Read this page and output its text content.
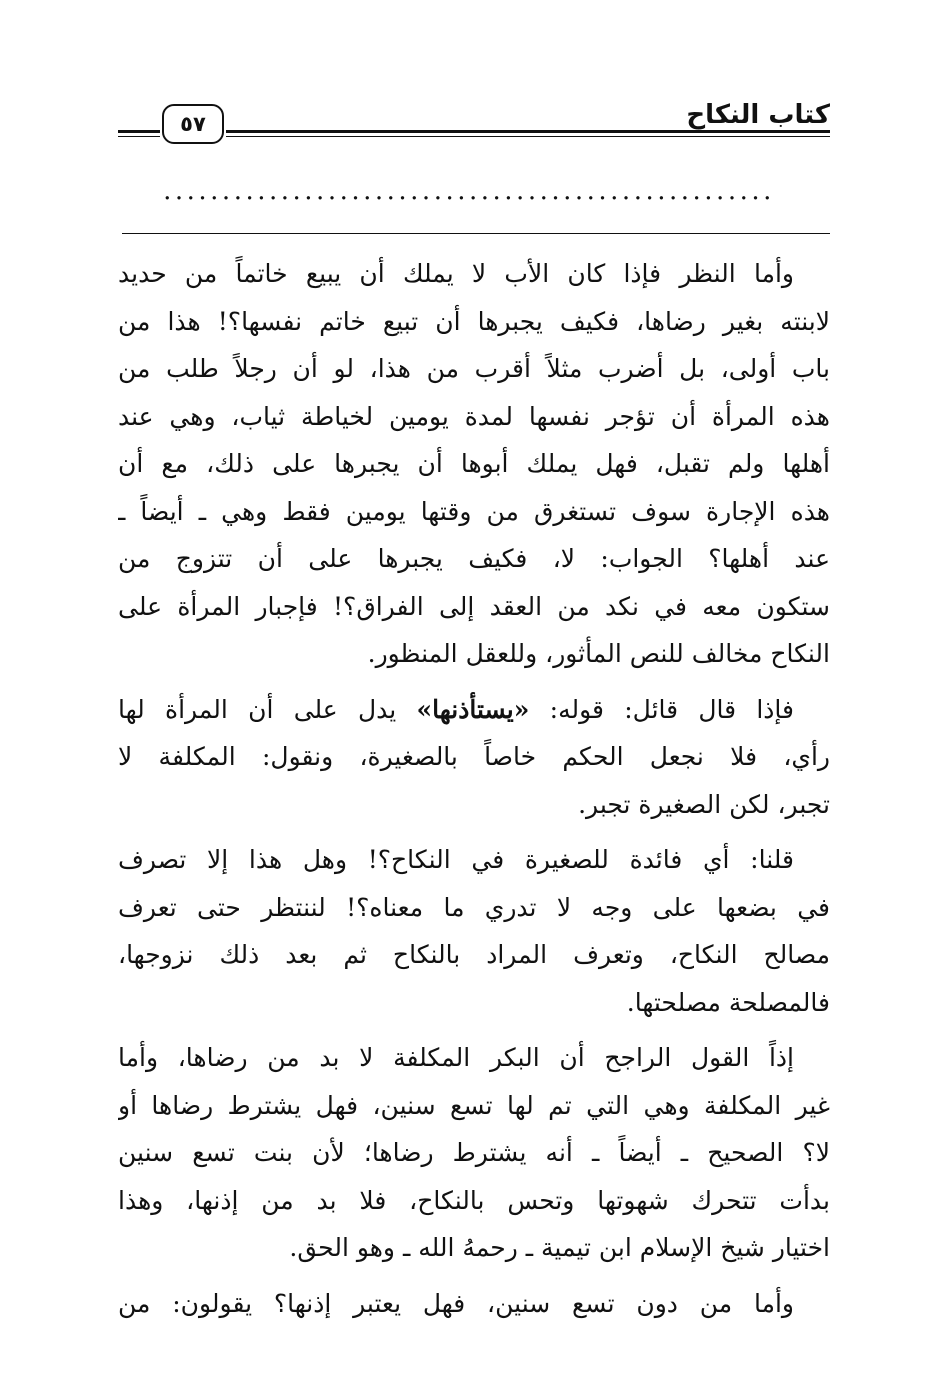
كتاب النكاح
٥٧
....................................................
وأما النظر فإذا كان الأب لا يملك أن يبيع خاتماً من حديد
لابنته بغير رضاها، فكيف يجبرها أن تبيع خاتم نفسها؟! هذا من
باب أولى، بل أضرب مثلاً أقرب من هذا، لو أن رجلاً طلب من
هذه المرأة أن تؤجر نفسها لمدة يومين لخياطة ثياب، وهي عند
أهلها ولم تقبل، فهل يملك أبوها أن يجبرها على ذلك، مع أن
هذه الإجارة سوف تستغرق من وقتها يومين فقط وهي ـ أيضاً ـ
عند أهلها؟ الجواب: لا، فكيف يجبرها على أن تتزوج من
ستكون معه في نكد من العقد إلى الفراق؟! فإجبار المرأة على
النكاح مخالف للنص المأثور، وللعقل المنظور.
فإذا قال قائل: قوله: «يستأذنها» يدل على أن المرأة لها
رأي، فلا نجعل الحكم خاصاً بالصغيرة، ونقول: المكلفة لا
تجبر، لكن الصغيرة تجبر.
قلنا: أي فائدة للصغيرة في النكاح؟! وهل هذا إلا تصرف
في بضعها على وجه لا تدري ما معناه؟! لننتظر حتى تعرف
مصالح النكاح، وتعرف المراد بالنكاح ثم بعد ذلك نزوجها،
فالمصلحة مصلحتها.
إذاً القول الراجح أن البكر المكلفة لا بد من رضاها، وأما
غير المكلفة وهي التي تم لها تسع سنين، فهل يشترط رضاها أو
لا؟ الصحيح ـ أيضاً ـ أنه يشترط رضاها؛ لأن بنت تسع سنين
بدأت تتحرك شهوتها وتحس بالنكاح، فلا بد من إذنها، وهذا
اختيار شيخ الإسلام ابن تيمية ـ رحمهُ الله ـ وهو الحق.
وأما من دون تسع سنين، فهل يعتبر إذنها؟ يقولون: من
